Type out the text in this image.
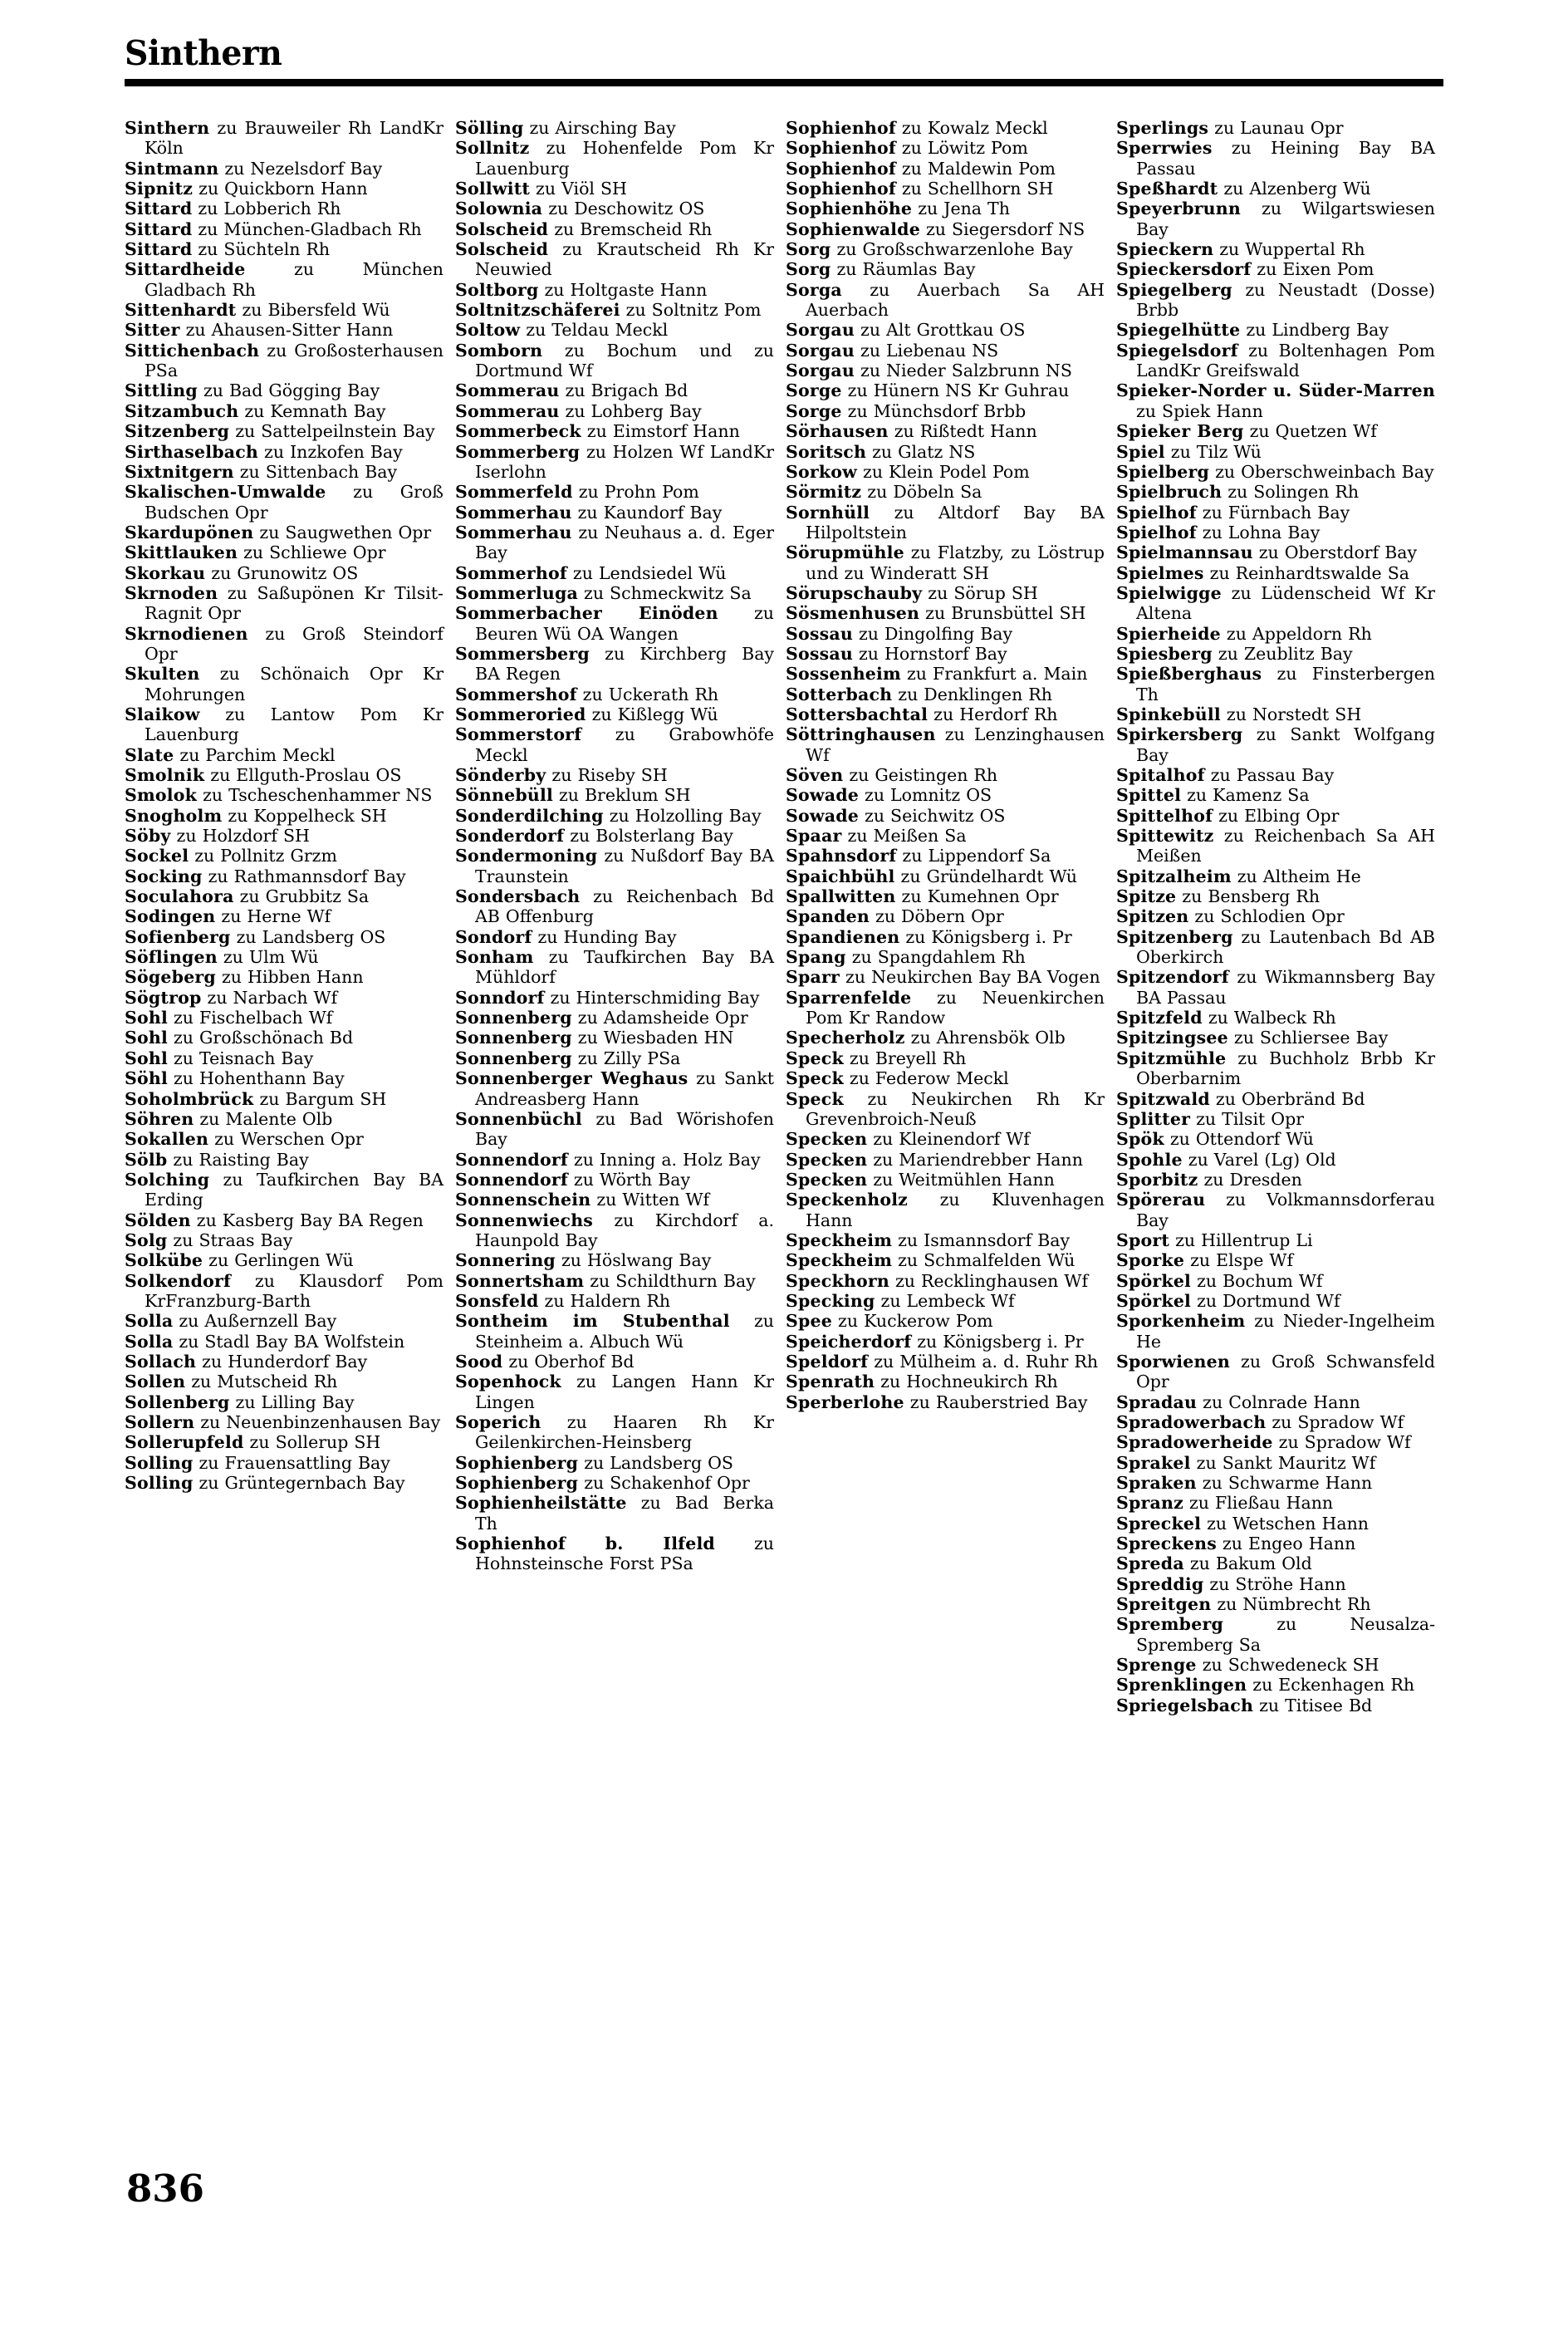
Sinthern

Sinthern zu Brauweiler Rh LandKr Köln

Sintmann zu Nezelsdorf Bay

Sipnitz zu Quickborn Hann

Sittard zu Lobberich Rh

Sittard zu München-Gladbach Rh

Sittard zu Süchteln Rh

Sittardheide zu München Gladbach Rh

Sittenhardt zu Bibersfeld Wü

Sitter zu Ahausen-Sitter Hann

Sittichenbach zu Großosterhausen PSa

Sittling zu Bad Gögging Bay

Sitzambuch zu Kemnath Bay

Sitzenberg zu Sattelpeilnstein Bay

Sirthaselbach zu Inzkofen Bay

Sixtnitgern zu Sittenbach Bay

Skalischen-Umwalde zu Groß Budschen Opr

Skardupönen zu Saugwethen Opr

Skittlauken zu Schliewe Opr

Skorkau zu Grunowitz OS

Skrnoden zu Saßupönen Kr Tilsit-Ragnit Opr

Skrnodienen zu Groß Steindorf Opr

Skulten zu Schönaich Opr Kr Mohrungen

Slaikow zu Lantow Pom Kr Lauenburg

Slate zu Parchim Meckl

Smolnik zu Ellguth-Proslau OS

Smolok zu Tscheschenhammer NS

Snogholm zu Koppelheck SH

Söby zu Holzdorf SH

Sockel zu Pollnitz Grzm

Socking zu Rathmannsdorf Bay

Soculahora zu Grubbitz Sa

Sodingen zu Herne Wf

Sofienberg zu Landsberg OS

Söflingen zu Ulm Wü

Sögeberg zu Hibben Hann

Sögtrop zu Narbach Wf

Sohl zu Fischelbach Wf

Sohl zu Großschönach Bd

Sohl zu Teisnach Bay

Söhl zu Hohenthann Bay

Soholmbrück zu Bargum SH

Söhren zu Malente Olb

Sokallen zu Werschen Opr

Sölb zu Raisting Bay

Solching zu Taufkirchen Bay BA Erding

Sölden zu Kasberg Bay BA Regen

Solg zu Straas Bay

Solkübe zu Gerlingen Wü

Solkendorf zu Klausdorf Pom KrFranzburg-Barth

Solla zu Außernzell Bay

Solla zu Stadl Bay BA Wolfstein

Sollach zu Hunderdorf Bay

Sollen zu Mutscheid Rh

Sollenberg zu Lilling Bay

Sollern zu Neuenbinzenhausen Bay

Sollerupfeld zu Sollerup SH

Solling zu Frauensattling Bay

Solling zu Grüntegernbach Bay

Sölling zu Airsching Bay

Sollnitz zu Hohenfelde Pom Kr Lauenburg

Sollwitt zu Viöl SH

Solownia zu Deschowitz OS

Solscheid zu Bremscheid Rh

Solscheid zu Krautscheid Rh Kr Neuwied

Soltborg zu Holtgaste Hann

Soltnitzschäferei zu Soltnitz Pom

Soltow zu Teldau Meckl

Somborn zu Bochum und zu Dortmund Wf

Sommerau zu Brigach Bd

Sommerau zu Lohberg Bay

Sommerbeck zu Eimstorf Hann

Sommerberg zu Holzen Wf LandKr Iserlohn

Sommerfeld zu Prohn Pom

Sommerhau zu Kaundorf Bay

Sommerhau zu Neuhaus a. d. Eger Bay

Sommerhof zu Lendsiedel Wü

Sommerluga zu Schmeckwitz Sa

Sommerbacher Einöden zu Beuren Wü OA Wangen

Sommersberg zu Kirchberg Bay BA Regen

Sommershof zu Uckerath Rh

Sommeroried zu Kißlegg Wü

Sommerstorf zu Grabowhöfe Meckl

Sönderby zu Riseby SH

Sönnebüll zu Breklum SH

Sonderdilching zu Holzolling Bay

Sonderdorf zu Bolsterlang Bay

Sondermoning zu Nußdorf Bay BA Traunstein

Sondersbach zu Reichenbach Bd AB Offenburg

Sondorf zu Hunding Bay

Sonham zu Taufkirchen Bay BA Mühldorf

Sonndorf zu Hinterschmiding Bay

Sonnenberg zu Adamsheide Opr

Sonnenberg zu Wiesbaden HN

Sonnenberg zu Zilly PSa

Sonnenberger Weghaus zu Sankt Andreasberg Hann

Sonnenbüchl zu Bad Wörishofen Bay

Sonnendorf zu Inning a. Holz Bay

Sonnendorf zu Wörth Bay

Sonnenschein zu Witten Wf

Sonnenwiechs zu Kirchdorf a. Haunpold Bay

Sonnering zu Höslwang Bay

Sonnertsham zu Schildthurn Bay

Sonsfeld zu Haldern Rh

Sontheim im Stubenthal zu Steinheim a. Albuch Wü

Sood zu Oberhof Bd

Sopenhock zu Langen Hann Kr Lingen

Soperich zu Haaren Rh Kr Geilenkirchen-Heinsberg

Sophienberg zu Landsberg OS

Sophienberg zu Schakenhof Opr

Sophienheilstätte zu Bad Berka Th

Sophienhof b. Ilfeld zu Hohnsteinsche Forst PSa

Sophienhof zu Kowalz Meckl

Sophienhof zu Löwitz Pom

Sophienhof zu Maldewin Pom

Sophienhof zu Schellhorn SH

Sophienhöhe zu Jena Th

Sophienwalde zu Siegersdorf NS

Sorg zu Großschwarzenlohe Bay

Sorg zu Räumlas Bay

Sorga zu Auerbach Sa AH Auerbach

Sorgau zu Alt Grottkau OS

Sorgau zu Liebenau NS

Sorgau zu Nieder Salzbrunn NS

Sorge zu Hünern NS Kr Guhrau

Sorge zu Münchsdorf Brbb

Sörhausen zu Rißtedt Hann

Soritsch zu Glatz NS

Sorkow zu Klein Podel Pom

Sörmitz zu Döbeln Sa

Sornhüll zu Altdorf Bay BA Hilpoltstein

Sörupmühle zu Flatzby, zu Löstrup und zu Winderatt SH

Sörupschauby zu Sörup SH

Sösmenhusen zu Brunsbüttel SH

Sossau zu Dingolfing Bay

Sossau zu Hornstorf Bay

Sossenheim zu Frankfurt a. Main

Sotterbach zu Denklingen Rh

Sottersbachtal zu Herdorf Rh

Söttringhausen zu Lenzinghausen Wf

Söven zu Geistingen Rh

Sowade zu Lomnitz OS

Sowade zu Seichwitz OS

Spaar zu Meißen Sa

Spahnsdorf zu Lippendorf Sa

Spaichbühl zu Gründelhardt Wü

Spallwitten zu Kumehnen Opr

Spanden zu Döbern Opr

Spandienen zu Königsberg i. Pr

Spang zu Spangdahlem Rh

Sparr zu Neukirchen Bay BA Vogen

Sparrenfelde zu Neuenkirchen Pom Kr Randow

Specherholz zu Ahrensbök Olb

Speck zu Breyell Rh

Speck zu Federow Meckl

Speck zu Neukirchen Rh Kr Grevenbroich-Neuß

Specken zu Kleinendorf Wf

Specken zu Mariendrebber Hann

Specken zu Weitmühlen Hann

Speckenholz zu Kluvenhagen Hann

Speckheim zu Ismannsdorf Bay

Speckheim zu Schmalfelden Wü

Speckhorn zu Recklinghausen Wf

Specking zu Lembeck Wf

Spee zu Kuckerow Pom

Speicherdorf zu Königsberg i. Pr

Speldorf zu Mülheim a. d. Ruhr Rh

Spenrath zu Hochneukirch Rh

Sperberlohe zu Rauberstried Bay

Sperlings zu Launau Opr

Sperrwies zu Heining Bay BA Passau

Speßhardt zu Alzenberg Wü

Speyerbrunn zu Wilgartswiesen Bay

Spieckern zu Wuppertal Rh

Spieckersdorf zu Eixen Pom

Spiegelberg zu Neustadt (Dosse) Brbb

Spiegelhütte zu Lindberg Bay

Spiegelsdorf zu Boltenhagen Pom LandKr Greifswald

Spieker-Norder u. Süder-Marren zu Spiek Hann

Spieker Berg zu Quetzen Wf

Spiel zu Tilz Wü

Spielberg zu Oberschweinbach Bay

Spielbruch zu Solingen Rh

Spielhof zu Fürnbach Bay

Spielhof zu Lohna Bay

Spielmannsau zu Oberstdorf Bay

Spielmes zu Reinhardtswalde Sa

Spielwigge zu Lüdenscheid Wf Kr Altena

Spierheide zu Appeldorn Rh

Spiesberg zu Zeublitz Bay

Spießberghaus zu Finsterbergen Th

Spinkebüll zu Norstedt SH

Spirkersberg zu Sankt Wolfgang Bay

Spitalhof zu Passau Bay

Spittel zu Kamenz Sa

Spittelhof zu Elbing Opr

Spittewitz zu Reichenbach Sa AH Meißen

Spitzalheim zu Altheim He

Spitze zu Bensberg Rh

Spitzen zu Schlodien Opr

Spitzenberg zu Lautenbach Bd AB Oberkirch

Spitzendorf zu Wikmannsberg Bay BA Passau

Spitzfeld zu Walbeck Rh

Spitzingsee zu Schliersee Bay

Spitzmühle zu Buchholz Brbb Kr Oberbarnim

Spitzwald zu Oberbränd Bd

Splitter zu Tilsit Opr

Spök zu Ottendorf Wü

Spohle zu Varel (Lg) Old

Sporbitz zu Dresden

Spörerau zu Volkmannsdorferau Bay

Sport zu Hillentrup Li

Sporke zu Elspe Wf

Spörkel zu Bochum Wf

Spörkel zu Dortmund Wf

Sporkenheim zu Nieder-Ingelheim He

Sporwienen zu Groß Schwansfeld Opr

Spradau zu Colnrade Hann

Spradowerbach zu Spradow Wf

Spradowerheide zu Spradow Wf

Sprakel zu Sankt Mauritz Wf

Spraken zu Schwarme Hann

Spranz zu Fließau Hann

Spreckel zu Wetschen Hann

Spreckens zu Engeo Hann

Spreda zu Bakum Old

Spreddig zu Ströhe Hann

Spreitgen zu Nümbrecht Rh

Spremberg zu Neusalza-Spremberg Sa

Sprenge zu Schwedeneck SH

Sprenklingen zu Eckenhagen Rh

Spriegelsbach zu Titisee Bd

836
